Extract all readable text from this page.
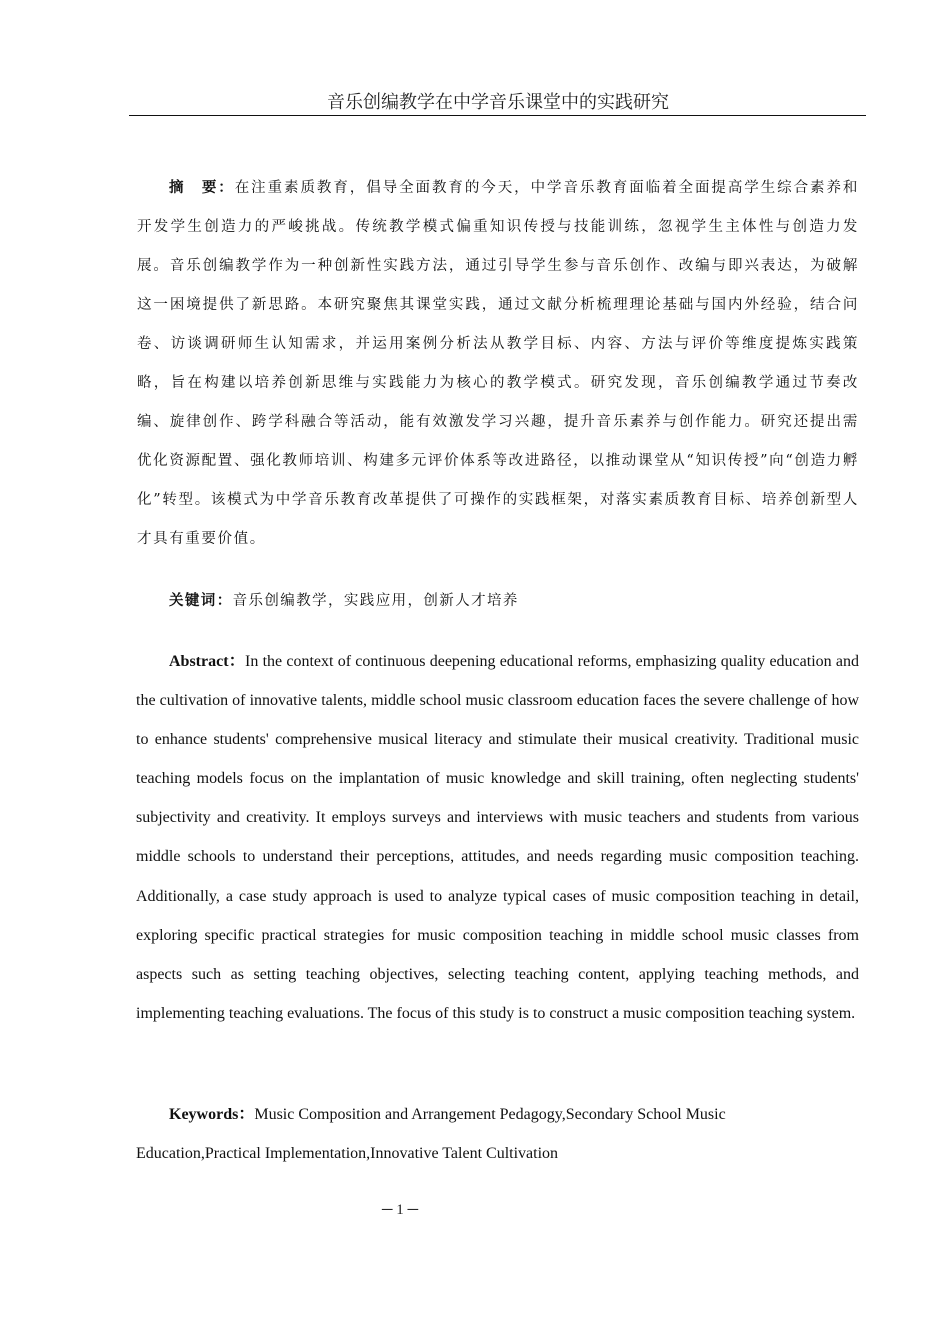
音乐创编教学在中学音乐课堂中的实践研究

摘　要：在注重素质教育，倡导全面教育的今天，中学音乐教育面临着全面提高学生综合素养和开发学生创造力的严峻挑战。传统教学模式偏重知识传授与技能训练，忽视学生主体性与创造力发展。音乐创编教学作为一种创新性实践方法，通过引导学生参与音乐创作、改编与即兴表达，为破解这一困境提供了新思路。本研究聚焦其课堂实践，通过文献分析梳理理论基础与国内外经验，结合问卷、访谈调研师生认知需求，并运用案例分析法从教学目标、内容、方法与评价等维度提炼实践策略，旨在构建以培养创新思维与实践能力为核心的教学模式。研究发现，音乐创编教学通过节奏改编、旋律创作、跨学科融合等活动，能有效激发学习兴趣，提升音乐素养与创作能力。研究还提出需优化资源配置、强化教师培训、构建多元评价体系等改进路径，以推动课堂从“知识传授”向“创造力孵化”转型。该模式为中学音乐教育改革提供了可操作的实践框架，对落实素质教育目标、培养创新型人才具有重要价值。

关键词：音乐创编教学，实践应用，创新人才培养

Abstract：In the context of continuous deepening educational reforms, emphasizing quality education and the cultivation of innovative talents, middle school music classroom education faces the severe challenge of how to enhance students' comprehensive musical literacy and stimulate their musical creativity. Traditional music teaching models focus on the implantation of music knowledge and skill training, often neglecting students' subjectivity and creativity. It employs surveys and interviews with music teachers and students from various middle schools to understand their perceptions, attitudes, and needs regarding music composition teaching. Additionally, a case study approach is used to analyze typical cases of music composition teaching in detail, exploring specific practical strategies for music composition teaching in middle school music classes from aspects such as setting teaching objectives, selecting teaching content, applying teaching methods, and implementing teaching evaluations. The focus of this study is to construct a music composition teaching system.

Keywords：Music Composition and Arrangement Pedagogy,Secondary School Music Education,Practical Implementation,Innovative Talent Cultivation

─ 1 ─
